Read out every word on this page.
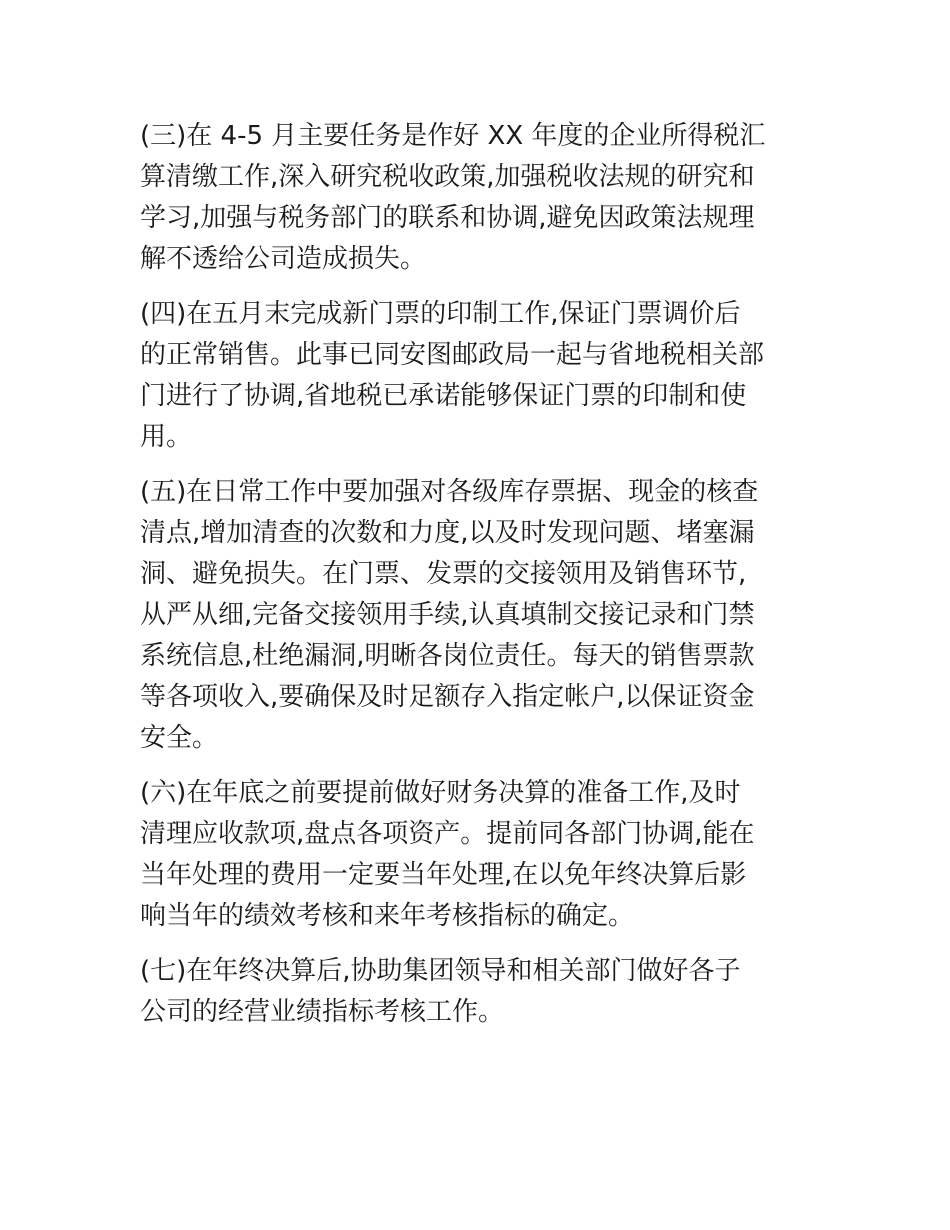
(三)在 4-5 月主要任务是作好 XX 年度的企业所得税汇
算清缴工作,深入研究税收政策,加强税收法规的研究和
学习,加强与税务部门的联系和协调,避免因政策法规理
解不透给公司造成损失。

(四)在五月末完成新门票的印制工作,保证门票调价后
的正常销售。此事已同安图邮政局一起与省地税相关部
门进行了协调,省地税已承诺能够保证门票的印制和使
用。

(五)在日常工作中要加强对各级库存票据、现金的核查
清点,增加清查的次数和力度,以及时发现问题、堵塞漏
洞、避免损失。在门票、发票的交接领用及销售环节,
从严从细,完备交接领用手续,认真填制交接记录和门禁
系统信息,杜绝漏洞,明晰各岗位责任。每天的销售票款
等各项收入,要确保及时足额存入指定帐户,以保证资金
安全。

(六)在年底之前要提前做好财务决算的准备工作,及时
清理应收款项,盘点各项资产。提前同各部门协调,能在
当年处理的费用一定要当年处理,在以免年终决算后影
响当年的绩效考核和来年考核指标的确定。

(七)在年终决算后,协助集团领导和相关部门做好各子
公司的经营业绩指标考核工作。
